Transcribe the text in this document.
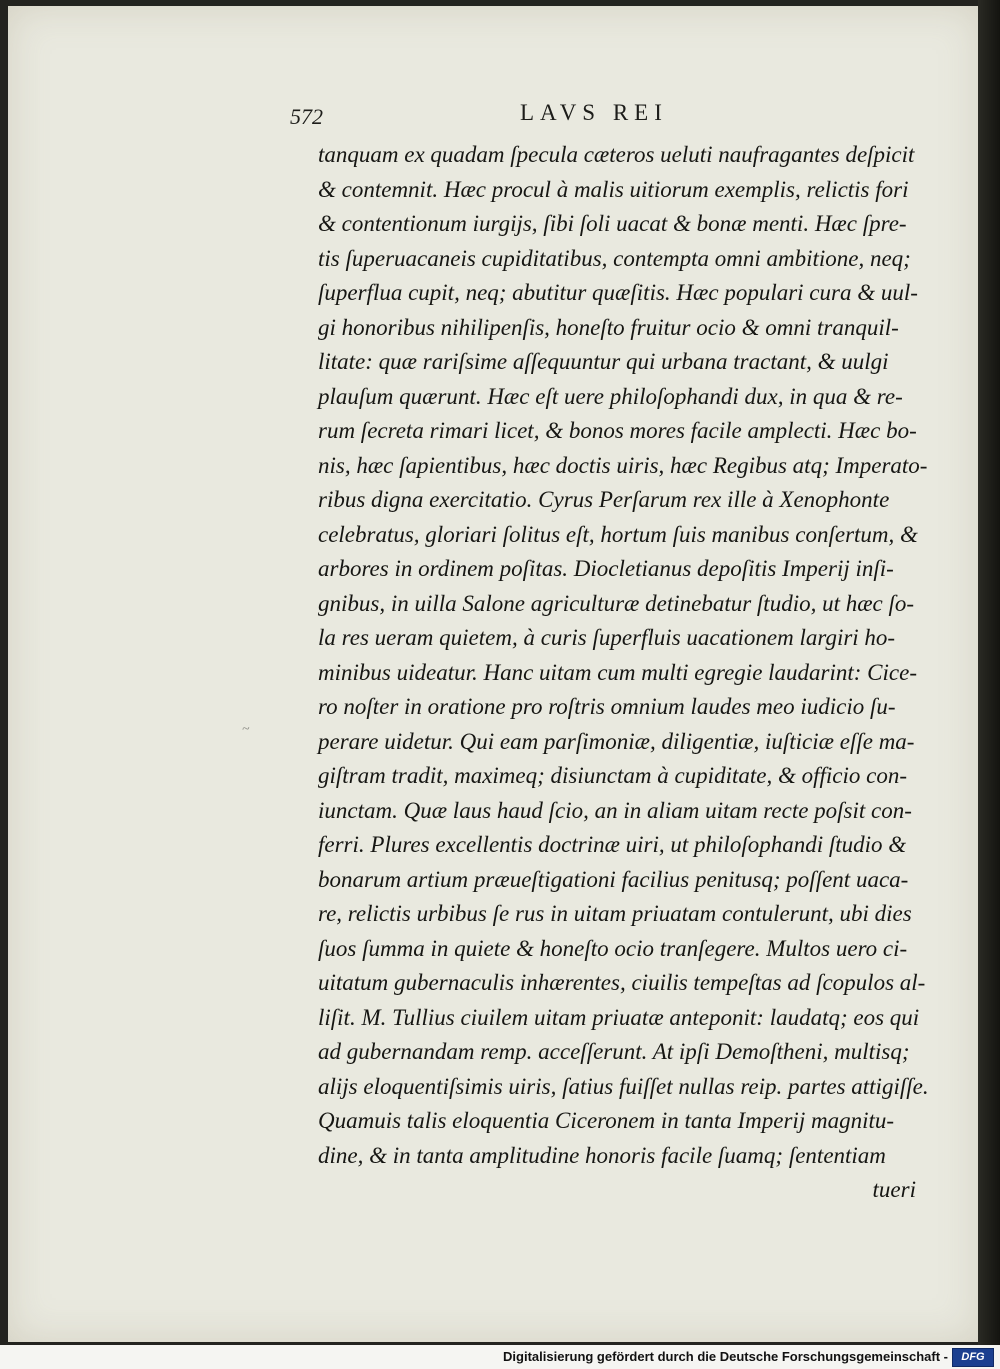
572	LAVS REI
tanquam ex quadam ſpecula cæteros ueluti naufragantes deſpicit
& contemnit. Hæc procul à malis uitiorum exemplis, relictis fori
& contentionum iurgijs, ſibi ſoli uacat & bonæ menti. Hæc ſpre-
tis ſuperuacaneis cupiditatibus, contempta omni ambitione, neq;
ſuperflua cupit, neq; abutitur quæſitis. Hæc populari cura & uul-
gi honoribus nihilipenſis, honeſto fruitur ocio & omni tranquil-
litate: quæ rariſsime aſſequuntur qui urbana tractant, & uulgi
plauſum quærunt. Hæc eſt uere philoſophandi dux, in qua & re-
rum ſecreta rimari licet, & bonos mores facile amplecti. Hæc bo-
nis, hæc ſapientibus, hæc doctis uiris, hæc Regibus atq; Imperato-
ribus digna exercitatio. Cyrus Perſarum rex ille à Xenophonte
celebratus, gloriari ſolitus eſt, hortum ſuis manibus conſertum, &
arbores in ordinem poſitas. Diocletianus depoſitis Imperij inſi-
gnibus, in uilla Salone agriculturæ detinebatur ſtudio, ut hæc ſo-
la res ueram quietem, à curis ſuperfluis uacationem largiri ho-
minibus uideatur. Hanc uitam cum multi egregie laudarint: Cice-
ro noſter in oratione pro roſtris omnium laudes meo iudicio ſu-
perare uidetur. Qui eam parſimoniæ, diligentiæ, iuſticiæ eſſe ma-
giſtram tradit, maximeq; disiunctam à cupiditate, & officio con-
iunctam. Quæ laus haud ſcio, an in aliam uitam recte poſsit con-
ferri. Plures excellentis doctrinæ uiri, ut philoſophandi ſtudio &
bonarum artium præueſtigationi facilius penitusq; poſſent uaca-
re, relictis urbibus ſe rus in uitam priuatam contulerunt, ubi dies
ſuos ſumma in quiete & honeſto ocio tranſegere. Multos uero ci-
uitatum gubernaculis inhærentes, ciuilis tempeſtas ad ſcopulos al-
liſit. M. Tullius ciuilem uitam priuatæ anteponit: laudatq; eos qui
ad gubernandam remp. acceſſerunt. At ipſi Demoſtheni, multisq;
alijs eloquentiſsimis uiris, ſatius fuiſſet nullas reip. partes attigiſſe.
Quamuis talis eloquentia Ciceronem in tanta Imperij magnitu-
dine, & in tanta amplitudine honoris facile ſuamq; ſententiam
tueri
~
Digitalisierung gefördert durch die Deutsche Forschungsgemeinschaft -	DFG
